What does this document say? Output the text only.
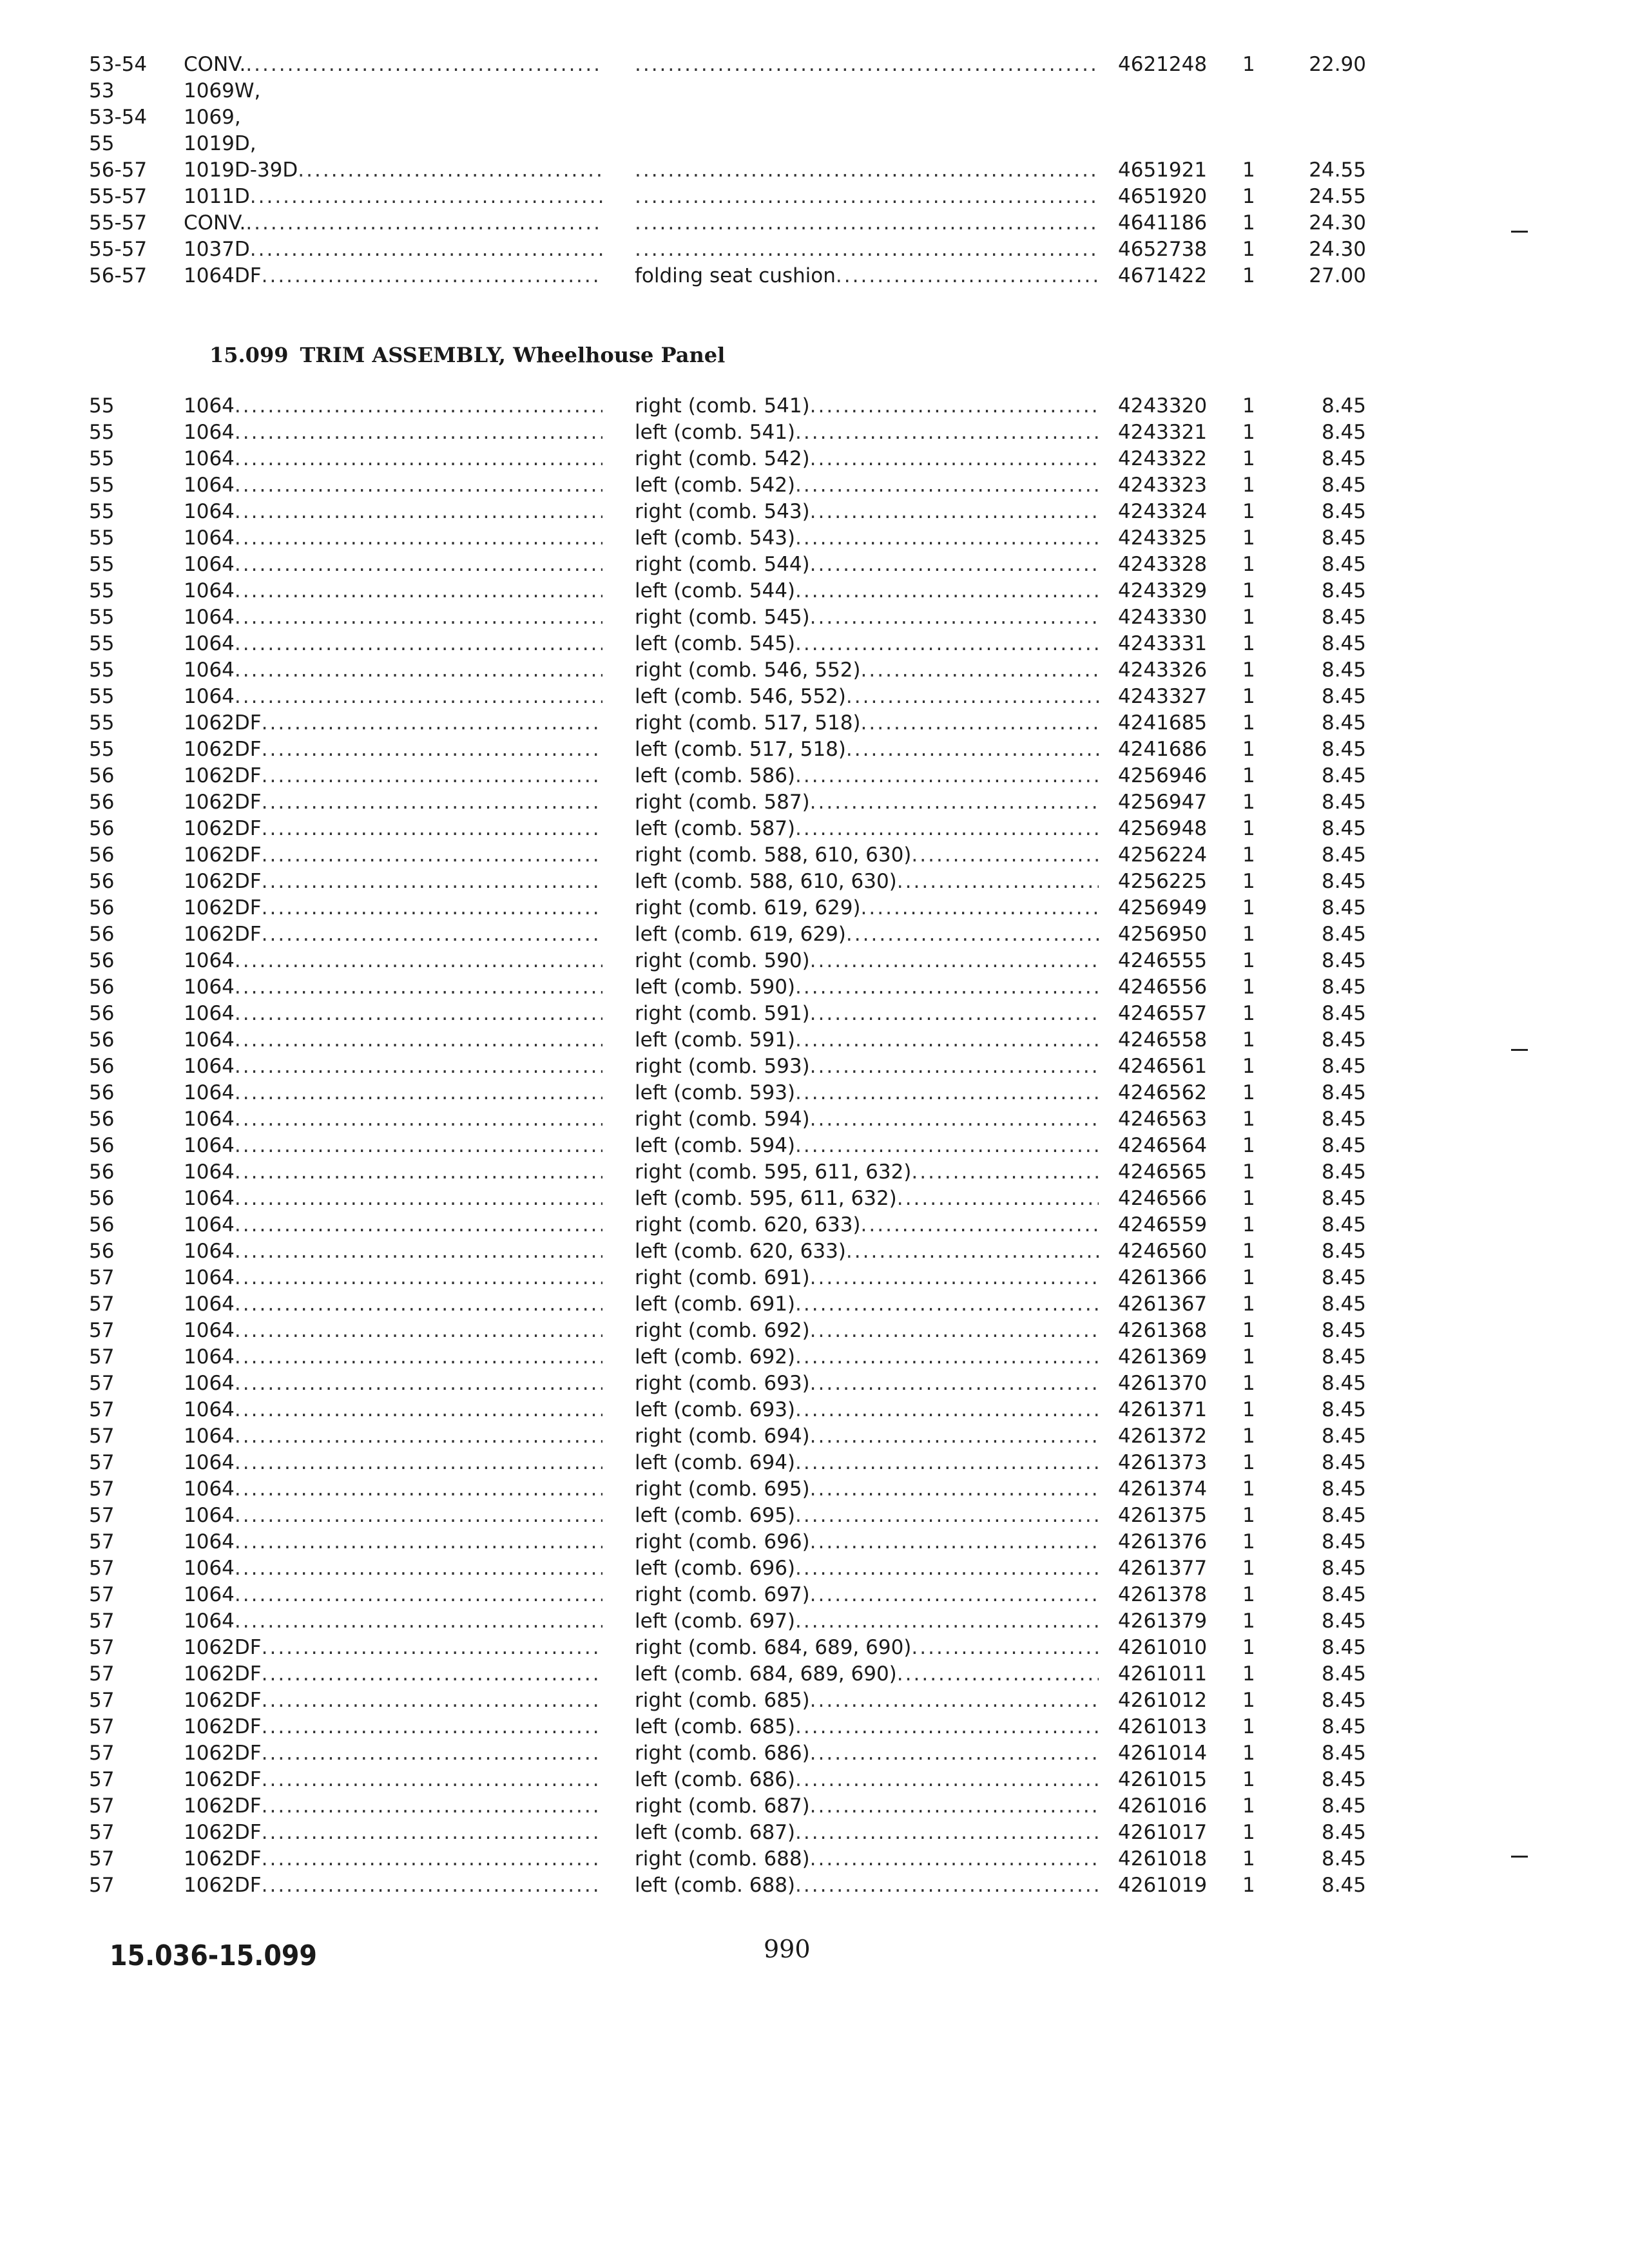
53-54	CONV. ..... .....	4621248	1	22.90
53	1069W,
53-54	1069,
55	1019D,
56-57	1019D-39D ..... .....	4651921	1	24.55
55-57	1011D ..... .....	4651920	1	24.55
55-57	CONV. ..... .....	4641186	1	24.30
55-57	1037D ..... .....	4652738	1	24.30
56-57	1064DF .....	folding seat cushion .....	4671422	1	27.00
15.099 TRIM ASSEMBLY, Wheelhouse Panel
55	1064 .....	right (comb. 541) .....	4243320	1	8.45
55	1064 .....	left (comb. 541) .....	4243321	1	8.45
55	1064 .....	right (comb. 542) .....	4243322	1	8.45
55	1064 .....	left (comb. 542) .....	4243323	1	8.45
55	1064 .....	right (comb. 543) .....	4243324	1	8.45
55	1064 .....	left (comb. 543) .....	4243325	1	8.45
55	1064 .....	right (comb. 544) .....	4243328	1	8.45
55	1064 .....	left (comb. 544) .....	4243329	1	8.45
55	1064 .....	right (comb. 545) .....	4243330	1	8.45
55	1064 .....	left (comb. 545) .....	4243331	1	8.45
55	1064 .....	right (comb. 546, 552) .....	4243326	1	8.45
55	1064 .....	left (comb. 546, 552) .....	4243327	1	8.45
55	1062DF .....	right (comb. 517, 518) .....	4241685	1	8.45
55	1062DF .....	left (comb. 517, 518) .....	4241686	1	8.45
56	1062DF .....	left (comb. 586) .....	4256946	1	8.45
56	1062DF .....	right (comb. 587) .....	4256947	1	8.45
56	1062DF .....	left (comb. 587) .....	4256948	1	8.45
56	1062DF .....	right (comb. 588, 610, 630) .....	4256224	1	8.45
56	1062DF .....	left (comb. 588, 610, 630) .....	4256225	1	8.45
56	1062DF .....	right (comb. 619, 629) .....	4256949	1	8.45
56	1062DF .....	left (comb. 619, 629) .....	4256950	1	8.45
56	1064 .....	right (comb. 590) .....	4246555	1	8.45
56	1064 .....	left (comb. 590) .....	4246556	1	8.45
56	1064 .....	right (comb. 591) .....	4246557	1	8.45
56	1064 .....	left (comb. 591) .....	4246558	1	8.45
56	1064 .....	right (comb. 593) .....	4246561	1	8.45
56	1064 .....	left (comb. 593) .....	4246562	1	8.45
56	1064 .....	right (comb. 594) .....	4246563	1	8.45
56	1064 .....	left (comb. 594) .....	4246564	1	8.45
56	1064 .....	right (comb. 595, 611, 632) .....	4246565	1	8.45
56	1064 .....	left (comb. 595, 611, 632) .....	4246566	1	8.45
56	1064 .....	right (comb. 620, 633) .....	4246559	1	8.45
56	1064 .....	left (comb. 620, 633) .....	4246560	1	8.45
57	1064 .....	right (comb. 691) .....	4261366	1	8.45
57	1064 .....	left (comb. 691) .....	4261367	1	8.45
57	1064 .....	right (comb. 692) .....	4261368	1	8.45
57	1064 .....	left (comb. 692) .....	4261369	1	8.45
57	1064 .....	right (comb. 693) .....	4261370	1	8.45
57	1064 .....	left (comb. 693) .....	4261371	1	8.45
57	1064 .....	right (comb. 694) .....	4261372	1	8.45
57	1064 .....	left (comb. 694) .....	4261373	1	8.45
57	1064 .....	right (comb. 695) .....	4261374	1	8.45
57	1064 .....	left (comb. 695) .....	4261375	1	8.45
57	1064 .....	right (comb. 696) .....	4261376	1	8.45
57	1064 .....	left (comb. 696) .....	4261377	1	8.45
57	1064 .....	right (comb. 697) .....	4261378	1	8.45
57	1064 .....	left (comb. 697) .....	4261379	1	8.45
57	1062DF .....	right (comb. 684, 689, 690) .....	4261010	1	8.45
57	1062DF .....	left (comb. 684, 689, 690) .....	4261011	1	8.45
57	1062DF .....	right (comb. 685) .....	4261012	1	8.45
57	1062DF .....	left (comb. 685) .....	4261013	1	8.45
57	1062DF .....	right (comb. 686) .....	4261014	1	8.45
57	1062DF .....	left (comb. 686) .....	4261015	1	8.45
57	1062DF .....	right (comb. 687) .....	4261016	1	8.45
57	1062DF .....	left (comb. 687) .....	4261017	1	8.45
57	1062DF .....	right (comb. 688) .....	4261018	1	8.45
57	1062DF .....	left (comb. 688) .....	4261019	1	8.45
15.036-15.099	990
